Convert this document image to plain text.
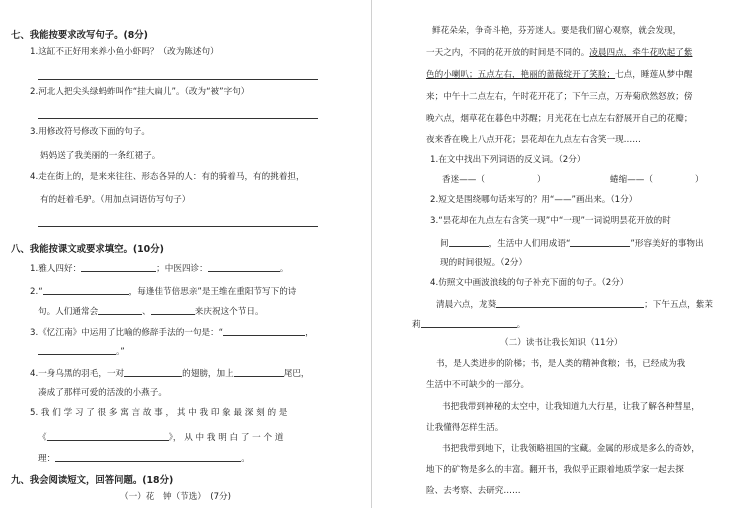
七、我能按要求改写句子。(8分)
1.这缸不正好用来养小鱼小虾吗？（改为陈述句）
2.河北人把尖头绿蚂蚱叫作“挂大扁儿”。（改为“被”字句）
3.用修改符号修改下面的句子。
妈妈送了我美丽的一条红裙子。
4.走在街上的，是来来往往、形态各异的人：有的骑着马，有的挑着担，
有的赶着毛驴。（用加点词语仿写句子）
八、我能按课文或要求填空。(10分)
1.雅人四好：	；中医四诊：	。
2.“	，每逢佳节倍思亲”是王维在重阳节写下的诗
句。人们通常会	、	来庆祝这个节日。
3.《忆江南》中运用了比喻的修辞手法的一句是：“	，
。”
4.一身乌黑的羽毛，一对	的翅膀，加上	尾巴，
凑成了那样可爱的活泼的小燕子。
5. 我 们 学 习 了 很 多 寓 言 故 事 ， 其 中 我 印 象 最 深 刻 的 是
《	》， 从 中 我 明 白 了 一 个 道
理：	。
九、我会阅读短文，回答问题。(18分)
（一）花　钟（节选）　(7分)
鲜花朵朵，争奇斗艳，芬芳迷人。要是我们留心观察，就会发现，
一天之内，不同的花开放的时间是不同的。凌晨四点，牵牛花吹起了紫
色的小喇叭；五点左右，艳丽的蔷薇绽开了笑脸；七点，睡莲从梦中醒
来；中午十二点左右，午时花开花了；下午三点，万寿菊欣然怒放；傍
晚六点，烟草花在暮色中苏醒；月光花在七点左右舒展开自己的花瓣；
夜来香在晚上八点开花；昙花却在九点左右含笑一现……
1.在文中找出下列词语的反义词。（2分）
香迷——（	）	蜷缩——（	）
2.短文是围绕哪句话来写的？用“——”画出来。（1分）
3.“昙花却在九点左右含笑一现”中“一现”一词说明昙花开放的时
间	，生活中人们用成语“	”形容美好的事物出
现的时间很短。（2分）
4.仿照文中画波浪线的句子补充下面的句子。（2分）
清晨六点，龙葵	；下午五点，紫茉
莉	。
（二）读书让我长知识（11分）
书，是人类进步的阶梯；书，是人类的精神食粮；书，已经成为我
生活中不可缺少的一部分。
书把我带到神秘的太空中，让我知道九大行星，让我了解各种彗星，
让我懂得怎样生活。
书把我带到地下，让我领略祖国的宝藏。金属的形成是多么的奇妙，
地下的矿物是多么的丰富。翻开书，我似乎正跟着地质学家一起去探
险、去考察、去研究……
